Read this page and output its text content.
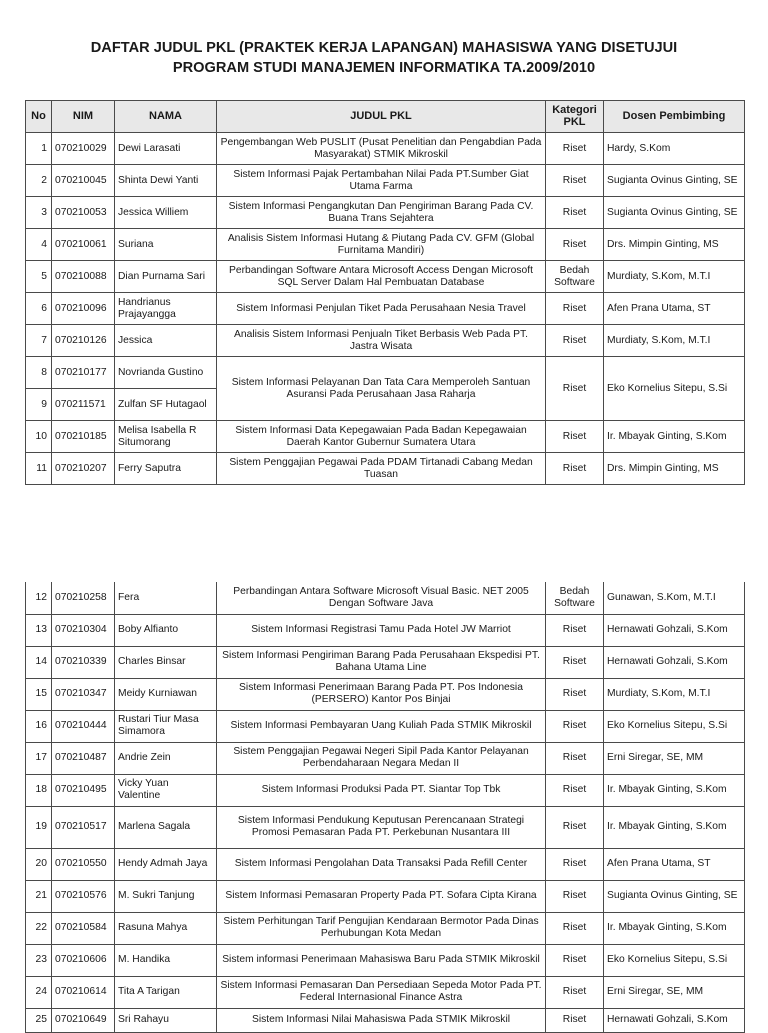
DAFTAR JUDUL PKL (PRAKTEK KERJA LAPANGAN) MAHASISWA YANG DISETUJUI
PROGRAM STUDI MANAJEMEN INFORMATIKA TA.2009/2010
No	NIM	NAMA	JUDUL PKL	Kategori PKL	Dosen Pembimbing
1	070210029	Dewi Larasati	Pengembangan Web PUSLIT (Pusat Penelitian dan Pengabdian Pada Masyarakat) STMIK Mikroskil	Riset	Hardy, S.Kom
2	070210045	Shinta Dewi Yanti	Sistem Informasi Pajak Pertambahan Nilai Pada PT.Sumber Giat Utama Farma	Riset	Sugianta Ovinus Ginting, SE
3	070210053	Jessica Williem	Sistem Informasi Pengangkutan Dan Pengiriman Barang Pada CV. Buana Trans Sejahtera	Riset	Sugianta Ovinus Ginting, SE
4	070210061	Suriana	Analisis Sistem Informasi Hutang & Piutang Pada CV. GFM (Global Furnitama Mandiri)	Riset	Drs. Mimpin Ginting, MS
5	070210088	Dian Purnama Sari	Perbandingan Software Antara Microsoft Access Dengan Microsoft SQL Server Dalam Hal Pembuatan Database	Bedah Software	Murdiaty, S.Kom, M.T.I
6	070210096	Handrianus Prajayangga	Sistem Informasi Penjulan Tiket Pada Perusahaan Nesia Travel	Riset	Afen Prana Utama, ST
7	070210126	Jessica	Analisis Sistem Informasi Penjualn Tiket Berbasis Web Pada PT. Jastra Wisata	Riset	Murdiaty, S.Kom, M.T.I
8	070210177	Novrianda Gustino	Sistem Informasi Pelayanan Dan Tata Cara Memperoleh Santuan Asuransi Pada Perusahaan Jasa Raharja	Riset	Eko Kornelius Sitepu, S.Si
9	070211571	Zulfan SF Hutagaol			
10	070210185	Melisa Isabella R Situmorang	Sistem Informasi Data Kepegawaian Pada Badan Kepegawaian Daerah Kantor Gubernur Sumatera Utara	Riset	Ir. Mbayak Ginting, S.Kom
11	070210207	Ferry Saputra	Sistem Penggajian Pegawai Pada PDAM Tirtanadi Cabang Medan Tuasan	Riset	Drs. Mimpin Ginting, MS
12	070210258	Fera	Perbandingan Antara Software Microsoft Visual Basic. NET 2005 Dengan Software Java	Bedah Software	Gunawan, S.Kom, M.T.I
13	070210304	Boby Alfianto	Sistem Informasi Registrasi Tamu Pada Hotel JW Marriot	Riset	Hernawati Gohzali, S.Kom
14	070210339	Charles Binsar	Sistem Informasi Pengiriman Barang Pada Perusahaan Ekspedisi PT. Bahana Utama Line	Riset	Hernawati Gohzali, S.Kom
15	070210347	Meidy Kurniawan	Sistem Informasi Penerimaan Barang Pada PT. Pos Indonesia (PERSERO) Kantor Pos Binjai	Riset	Murdiaty, S.Kom, M.T.I
16	070210444	Rustari Tiur Masa Simamora	Sistem Informasi Pembayaran Uang Kuliah Pada STMIK Mikroskil	Riset	Eko Kornelius Sitepu, S.Si
17	070210487	Andrie Zein	Sistem Penggajian Pegawai Negeri Sipil Pada Kantor Pelayanan Perbendaharaan Negara Medan II	Riset	Erni Siregar, SE, MM
18	070210495	Vicky Yuan Valentine	Sistem Informasi Produksi Pada PT. Siantar Top Tbk	Riset	Ir. Mbayak Ginting, S.Kom
19	070210517	Marlena Sagala	Sistem Informasi Pendukung Keputusan Perencanaan Strategi Promosi Pemasaran Pada PT. Perkebunan Nusantara III	Riset	Ir. Mbayak Ginting, S.Kom
20	070210550	Hendy Admah Jaya	Sistem Informasi Pengolahan Data Transaksi Pada Refill Center	Riset	Afen Prana Utama, ST
21	070210576	M. Sukri Tanjung	Sistem Informasi Pemasaran Property Pada PT. Sofara Cipta Kirana	Riset	Sugianta Ovinus Ginting, SE
22	070210584	Rasuna Mahya	Sistem Perhitungan Tarif Pengujian Kendaraan Bermotor Pada Dinas Perhubungan Kota Medan	Riset	Ir. Mbayak Ginting, S.Kom
23	070210606	M. Handika	Sistem informasi Penerimaan Mahasiswa Baru Pada STMIK Mikroskil	Riset	Eko Kornelius Sitepu, S.Si
24	070210614	Tita A Tarigan	Sistem Informasi Pemasaran Dan Persediaan Sepeda Motor Pada PT. Federal Internasional Finance Astra	Riset	Erni Siregar, SE, MM
25	070210649	Sri Rahayu	Sistem Informasi Nilai Mahasiswa Pada STMIK Mikroskil	Riset	Hernawati Gohzali, S.Kom
